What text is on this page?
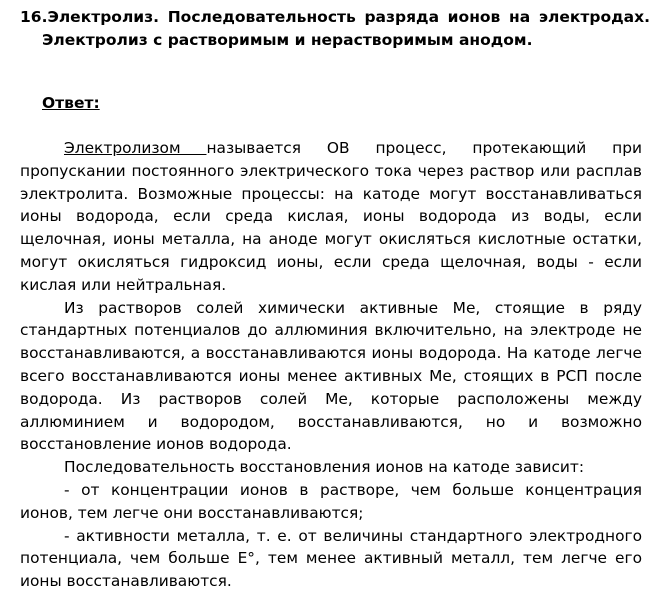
16.Электролиз. Последовательность разряда ионов на электродах.
Электролиз с растворимым и нерастворимым анодом.
Ответ:

Электролизом называется ОВ процесс, протекающий при пропускании постоянного электрического тока через раствор или расплав электролита. Возможные процессы: на катоде могут восстанавливаться ионы водорода, если среда кислая, ионы водорода из воды, если щелочная, ионы металла, на аноде могут окисляться кислотные остатки, могут окисляться гидроксид ионы, если среда щелочная, воды - если кислая или нейтральная.

Из растворов солей химически активные Ме, стоящие в ряду стандартных потенциалов до аллюминия включительно, на электроде не восстанавливаются, а восстанавливаются ионы водорода. На катоде легче всего восстанавливаются ионы менее активных Ме, стоящих в РСП после водорода. Из растворов солей Ме, которые расположены между аллюминием и водородом, восстанавливаются, но и возможно восстановление ионов водорода.

Последовательность восстановления ионов на катоде зависит:

- от концентрации ионов в растворе, чем больше концентрация ионов, тем легче они восстанавливаются;

- активности металла, т. е. от величины стандартного электродного потенциала, чем больше E°, тем менее активный металл, тем легче его ионы восстанавливаются.
